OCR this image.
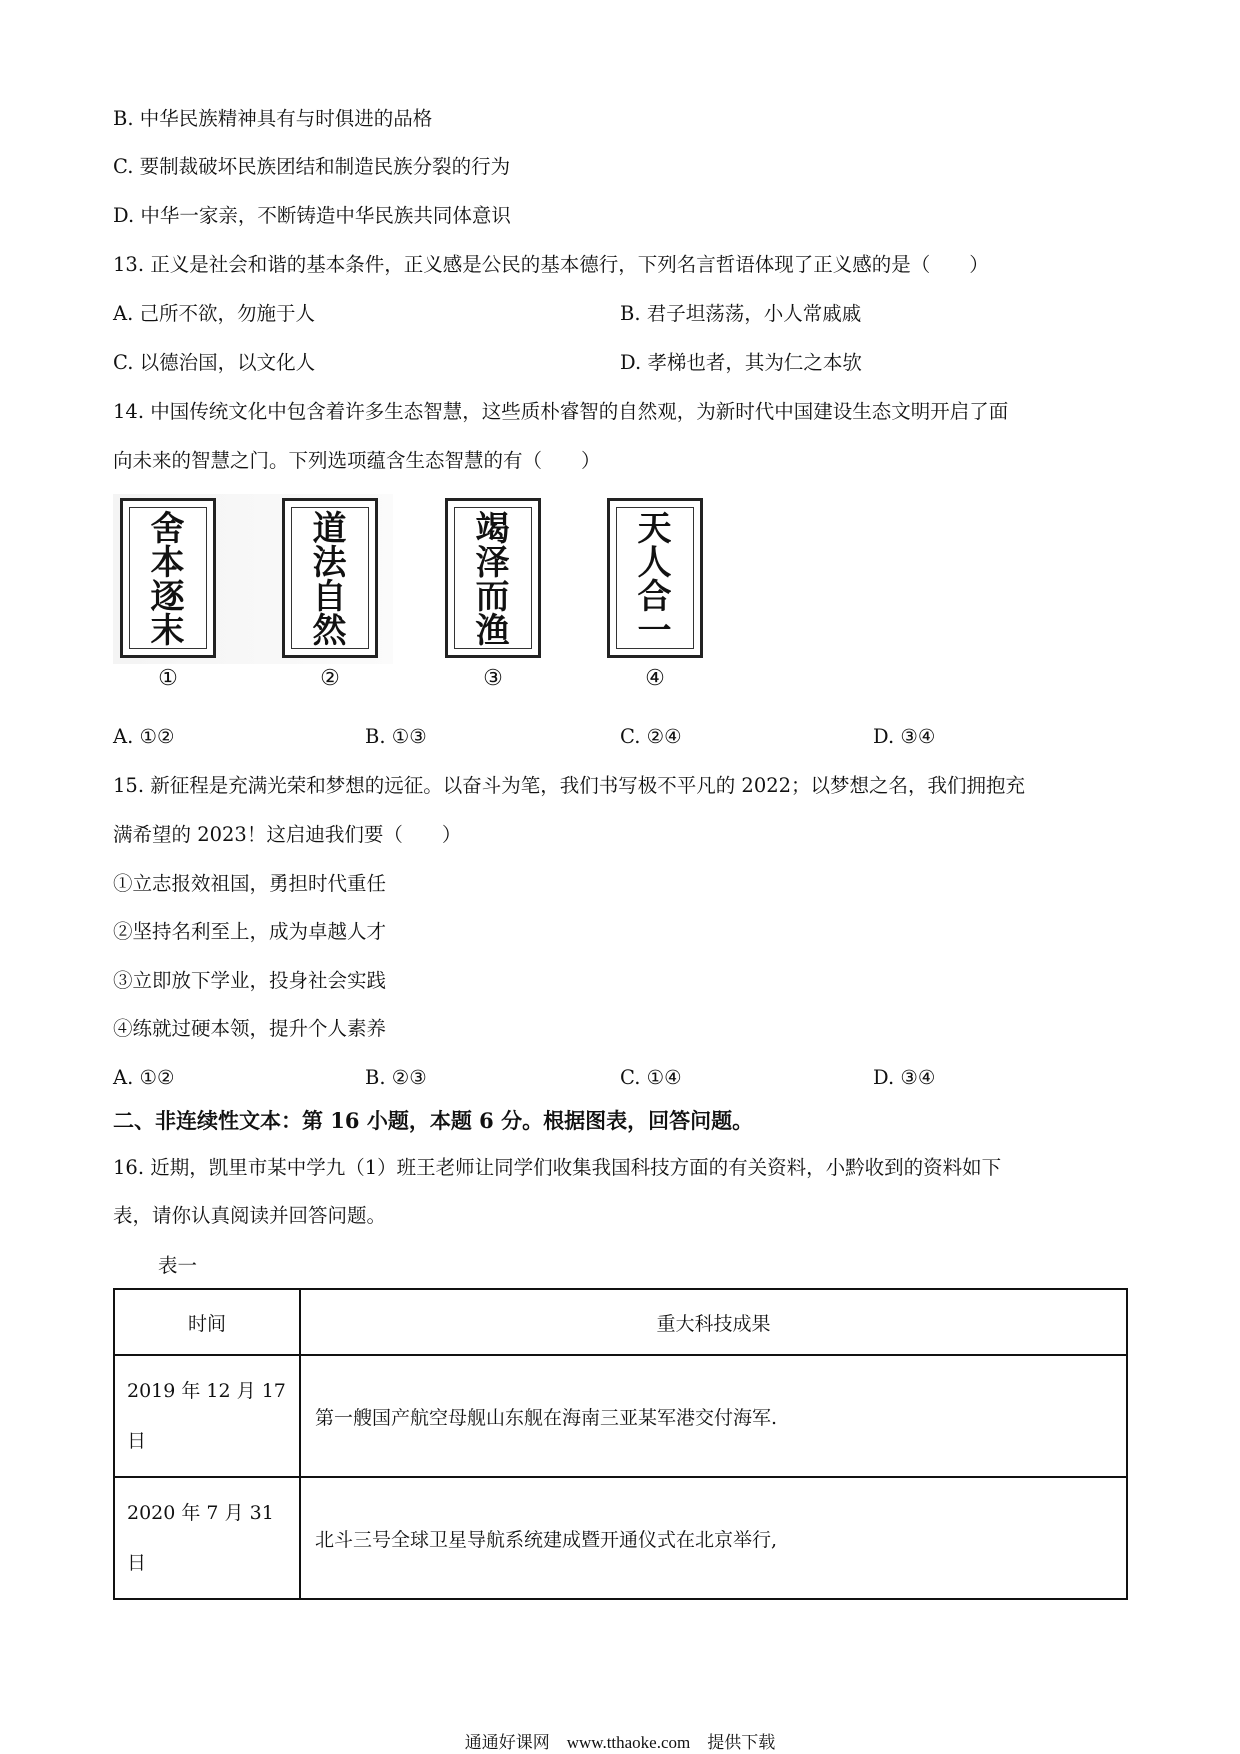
B. 中华民族精神具有与时俱进的品格
C. 要制裁破坏民族团结和制造民族分裂的行为
D. 中华一家亲，不断铸造中华民族共同体意识
13. 正义是社会和谐的基本条件，正义感是公民的基本德行，下列名言哲语体现了正义感的是（　　）
A. 己所不欲，勿施于人	B. 君子坦荡荡，小人常戚戚
C. 以德治国，以文化人	D. 孝梯也者，其为仁之本欤
14. 中国传统文化中包含着许多生态智慧，这些质朴睿智的自然观，为新时代中国建设生态文明开启了面
向未来的智慧之门。下列选项蕴含生态智慧的有（　　）
舍本逐末
①
道法自然
②
竭泽而渔
③
天人合一
④
A. ①②	B. ①③	C. ②④	D. ③④
15. 新征程是充满光荣和梦想的远征。以奋斗为笔，我们书写极不平凡的 2022；以梦想之名，我们拥抱充
满希望的 2023！这启迪我们要（　　）
①立志报效祖国，勇担时代重任
②坚持名利至上，成为卓越人才
③立即放下学业，投身社会实践
④练就过硬本领，提升个人素养
A. ①②	B. ②③	C. ①④	D. ③④
二、非连续性文本：第 16 小题，本题 6 分。根据图表，回答问题。
16. 近期，凯里市某中学九（1）班王老师让同学们收集我国科技方面的有关资料，小黔收到的资料如下
表，请你认真阅读并回答问题。
表一
时间	重大科技成果
2019 年 12 月 17 日	第一艘国产航空母舰山东舰在海南三亚某军港交付海军.
2020 年 7 月 31 日	北斗三号全球卫星导航系统建成暨开通仪式在北京举行,
通通好课网　www.tthaoke.com　提供下载
